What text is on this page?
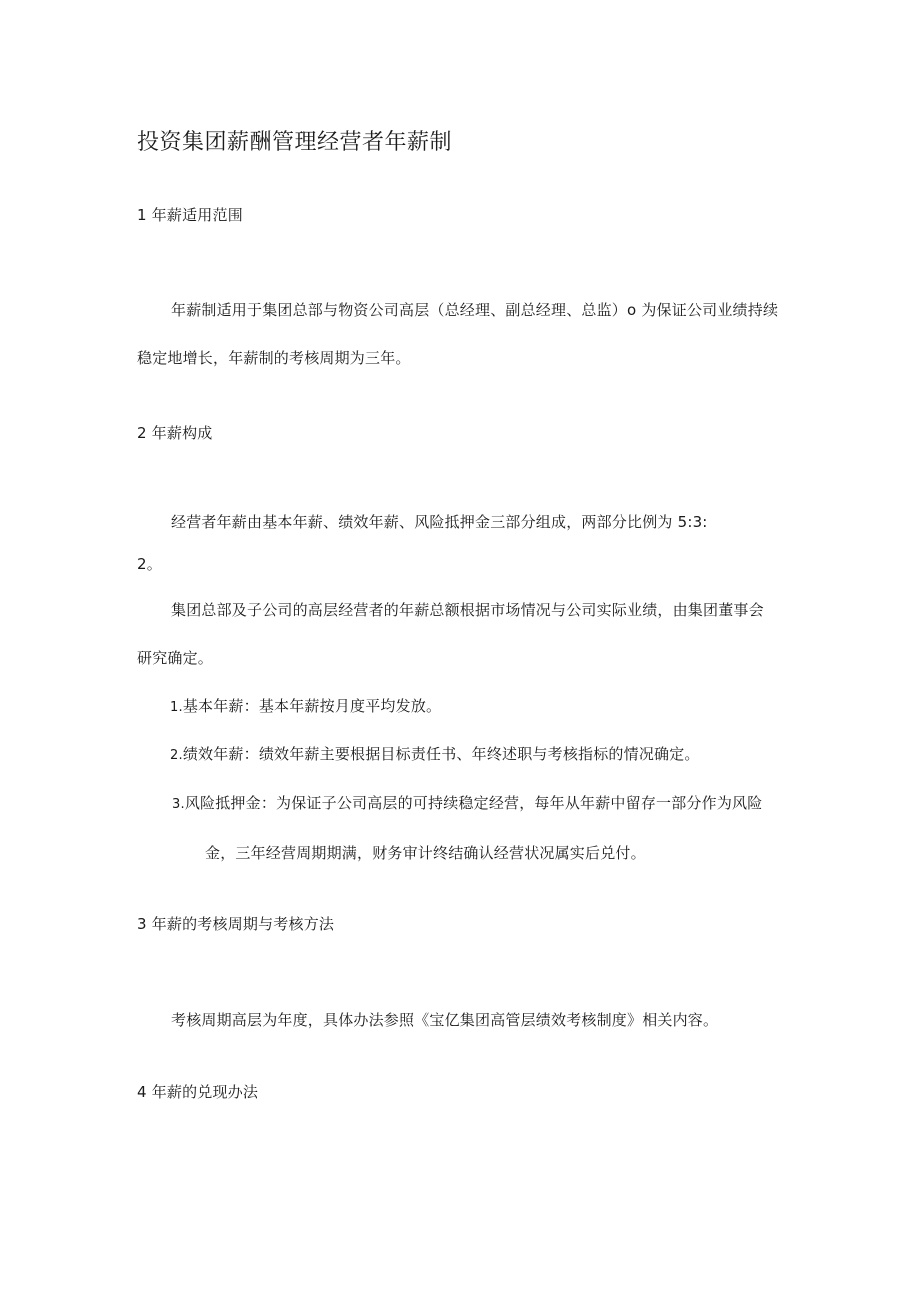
投资集团薪酬管理经营者年薪制
1 年薪适用范围
年薪制适用于集团总部与物资公司高层（总经理、副总经理、总监）o 为保证公司业绩持续
稳定地增长，年薪制的考核周期为三年。
2 年薪构成
经营者年薪由基本年薪、绩效年薪、风险抵押金三部分组成，两部分比例为 5:3:
2。
集团总部及子公司的高层经营者的年薪总额根据市场情况与公司实际业绩，由集团董事会
研究确定。
1.基本年薪：基本年薪按月度平均发放。
2.绩效年薪：绩效年薪主要根据目标责任书、年终述职与考核指标的情况确定。
3.风险抵押金：为保证子公司高层的可持续稳定经营，每年从年薪中留存一部分作为风险
金，三年经营周期期满，财务审计终结确认经营状况属实后兑付。
3 年薪的考核周期与考核方法
考核周期高层为年度，具体办法参照《宝亿集团高管层绩效考核制度》相关内容。
4 年薪的兑现办法
